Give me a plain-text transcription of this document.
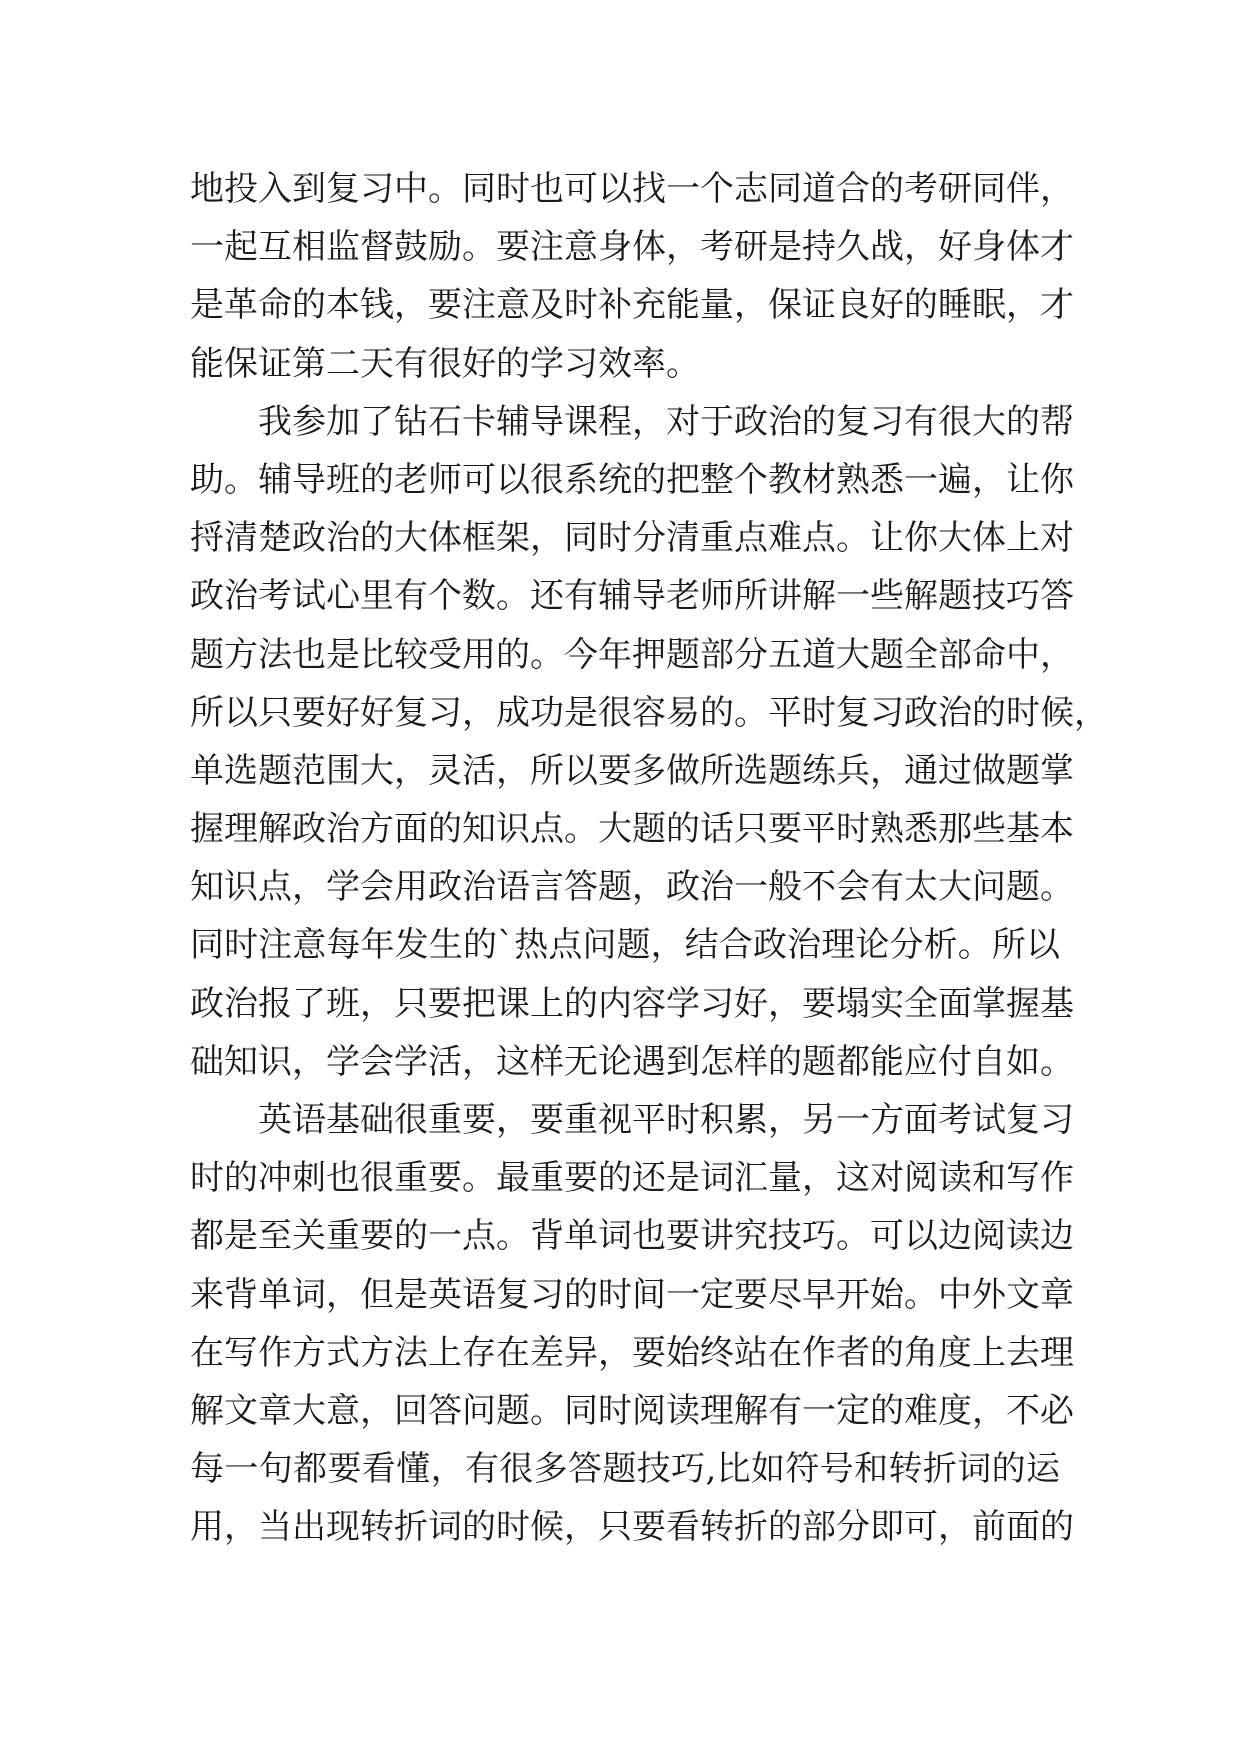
地投入到复习中。同时也可以找一个志同道合的考研同伴，
一起互相监督鼓励。要注意身体，考研是持久战，好身体才
是革命的本钱，要注意及时补充能量，保证良好的睡眠，才
能保证第二天有很好的学习效率。
我参加了钻石卡辅导课程，对于政治的复习有很大的帮
助。辅导班的老师可以很系统的把整个教材熟悉一遍，让你
捋清楚政治的大体框架，同时分清重点难点。让你大体上对
政治考试心里有个数。还有辅导老师所讲解一些解题技巧答
题方法也是比较受用的。今年押题部分五道大题全部命中，
所以只要好好复习，成功是很容易的。平时复习政治的时候，
单选题范围大，灵活，所以要多做所选题练兵，通过做题掌
握理解政治方面的知识点。大题的话只要平时熟悉那些基本
知识点，学会用政治语言答题，政治一般不会有太大问题。
同时注意每年发生的`热点问题，结合政治理论分析。所以
政治报了班，只要把课上的内容学习好，要塌实全面掌握基
础知识，学会学活，这样无论遇到怎样的题都能应付自如。
英语基础很重要，要重视平时积累，另一方面考试复习
时的冲刺也很重要。最重要的还是词汇量，这对阅读和写作
都是至关重要的一点。背单词也要讲究技巧。可以边阅读边
来背单词，但是英语复习的时间一定要尽早开始。中外文章
在写作方式方法上存在差异，要始终站在作者的角度上去理
解文章大意，回答问题。同时阅读理解有一定的难度，不必
每一句都要看懂，有很多答题技巧,比如符号和转折词的运
用，当出现转折词的时候，只要看转折的部分即可，前面的
